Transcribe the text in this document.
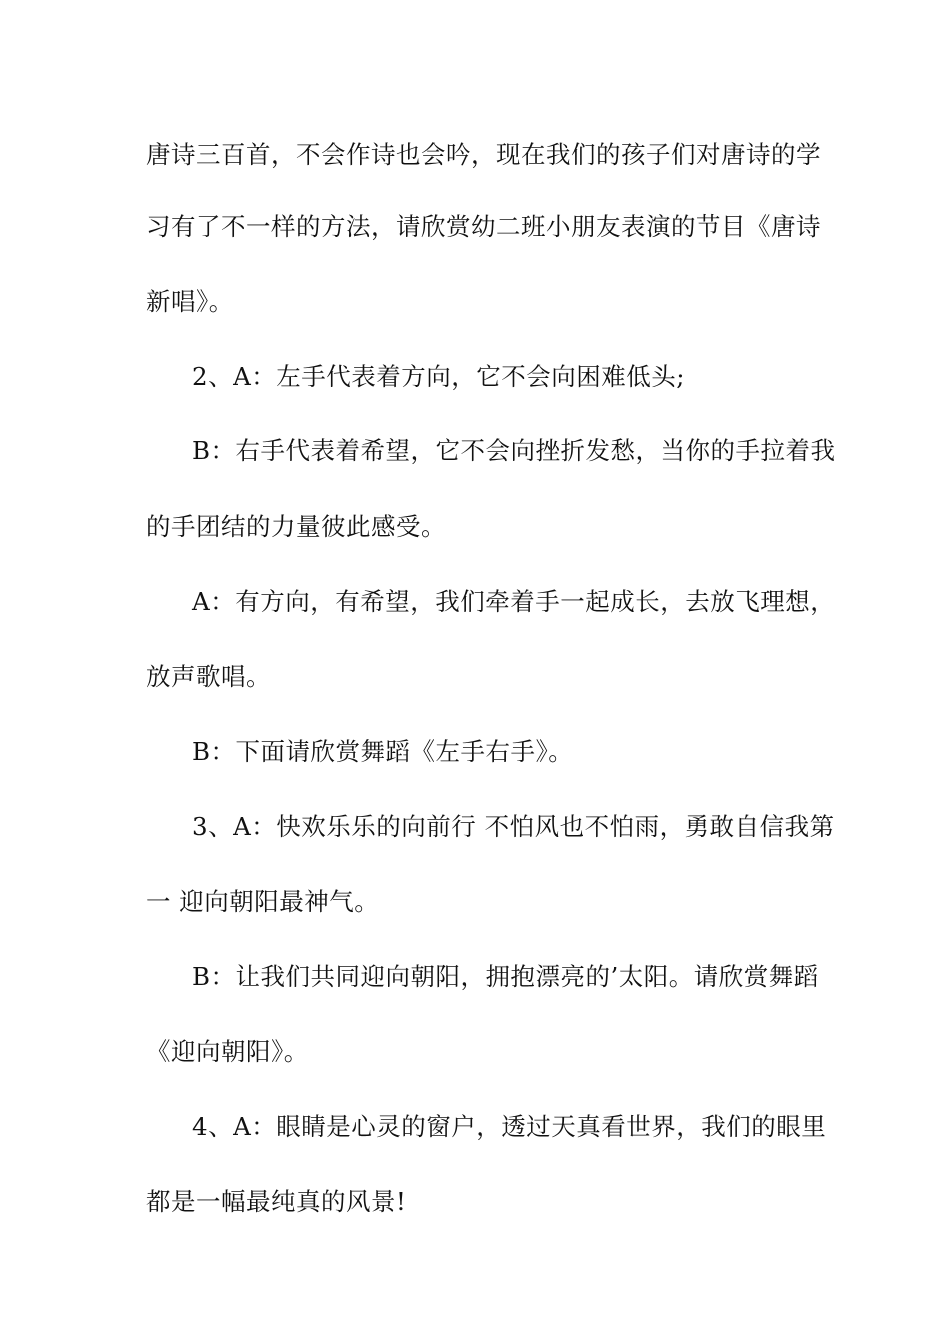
唐诗三百首，不会作诗也会吟，现在我们的孩子们对唐诗的学
习有了不一样的方法，请欣赏幼二班小朋友表演的节目《唐诗
新唱》。
2、A：左手代表着方向，它不会向困难低头;
B：右手代表着希望，它不会向挫折发愁，当你的手拉着我
的手团结的力量彼此感受。
A：有方向，有希望，我们牵着手一起成长，去放飞理想，
放声歌唱。
B：下面请欣赏舞蹈《左手右手》。
3、A：快欢乐乐的向前行 不怕风也不怕雨，勇敢自信我第
一 迎向朝阳最神气。
B：让我们共同迎向朝阳，拥抱漂亮的’太阳。请欣赏舞蹈
《迎向朝阳》。
4、A：眼睛是心灵的窗户，透过天真看世界，我们的眼里
都是一幅最纯真的风景!
